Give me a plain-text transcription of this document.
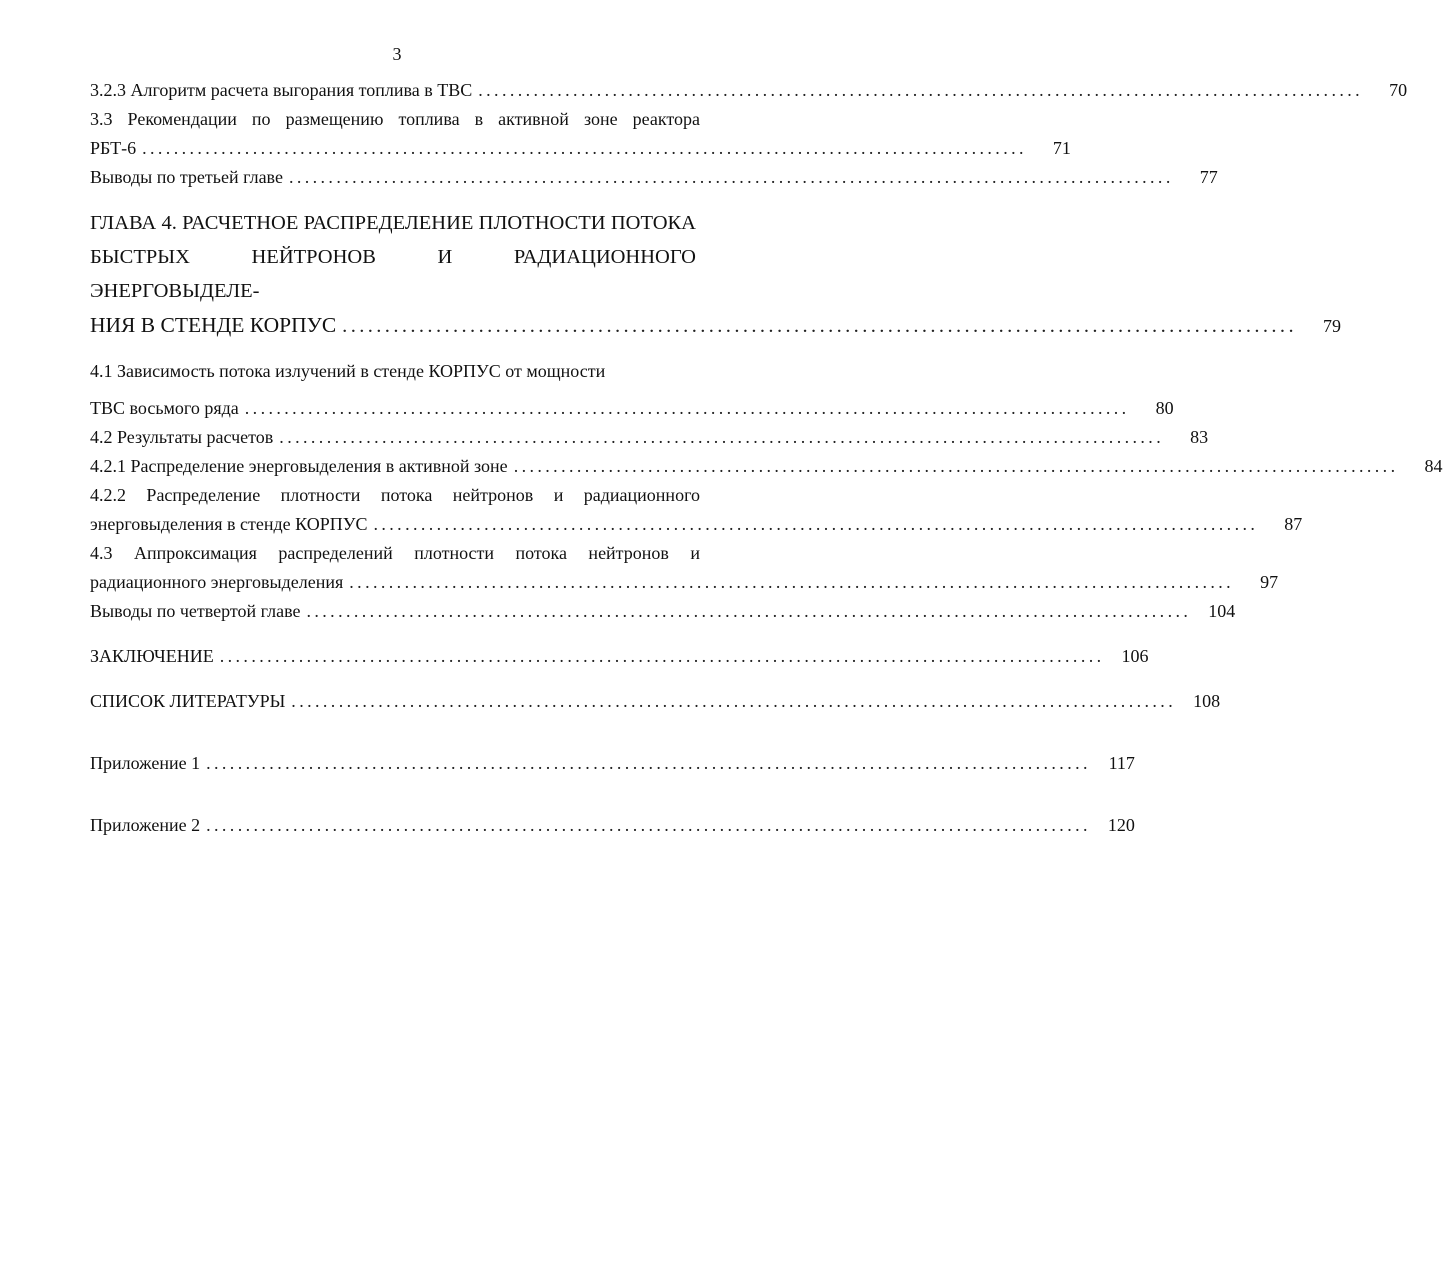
3
3.2.3 Алгоритм расчета выгорания топлива в ТВС ................................................................................................................	70
3.3 Рекомендации по размещению топлива в активной зоне реактора
РБТ-6 ................................................................................................................	71
Выводы по третьей главе ................................................................................................................	77
ГЛАВА 4. РАСЧЕТНОЕ РАСПРЕДЕЛЕНИЕ ПЛОТНОСТИ ПОТОКА
БЫСТРЫХ НЕЙТРОНОВ И РАДИАЦИОННОГО ЭНЕРГОВЫДЕЛЕ-
НИЯ В СТЕНДЕ КОРПУС ................................................................................................................	79
4.1 Зависимость потока излучений в стенде КОРПУС от мощности
ТВС восьмого ряда ................................................................................................................	80
4.2 Результаты расчетов ................................................................................................................	83
4.2.1 Распределение энерговыделения в активной зоне ................................................................................................................	84
4.2.2 Распределение плотности потока нейтронов и радиационного
энерговыделения в стенде КОРПУС ................................................................................................................	87
4.3 Аппроксимация распределений плотности потока нейтронов и
радиационного энерговыделения ................................................................................................................	97
Выводы по четвертой главе ................................................................................................................ 104
ЗАКЛЮЧЕНИЕ ................................................................................................................ 106
СПИСОК ЛИТЕРАТУРЫ ................................................................................................................ 108
Приложение 1 ................................................................................................................ 117
Приложение 2 ................................................................................................................ 120
